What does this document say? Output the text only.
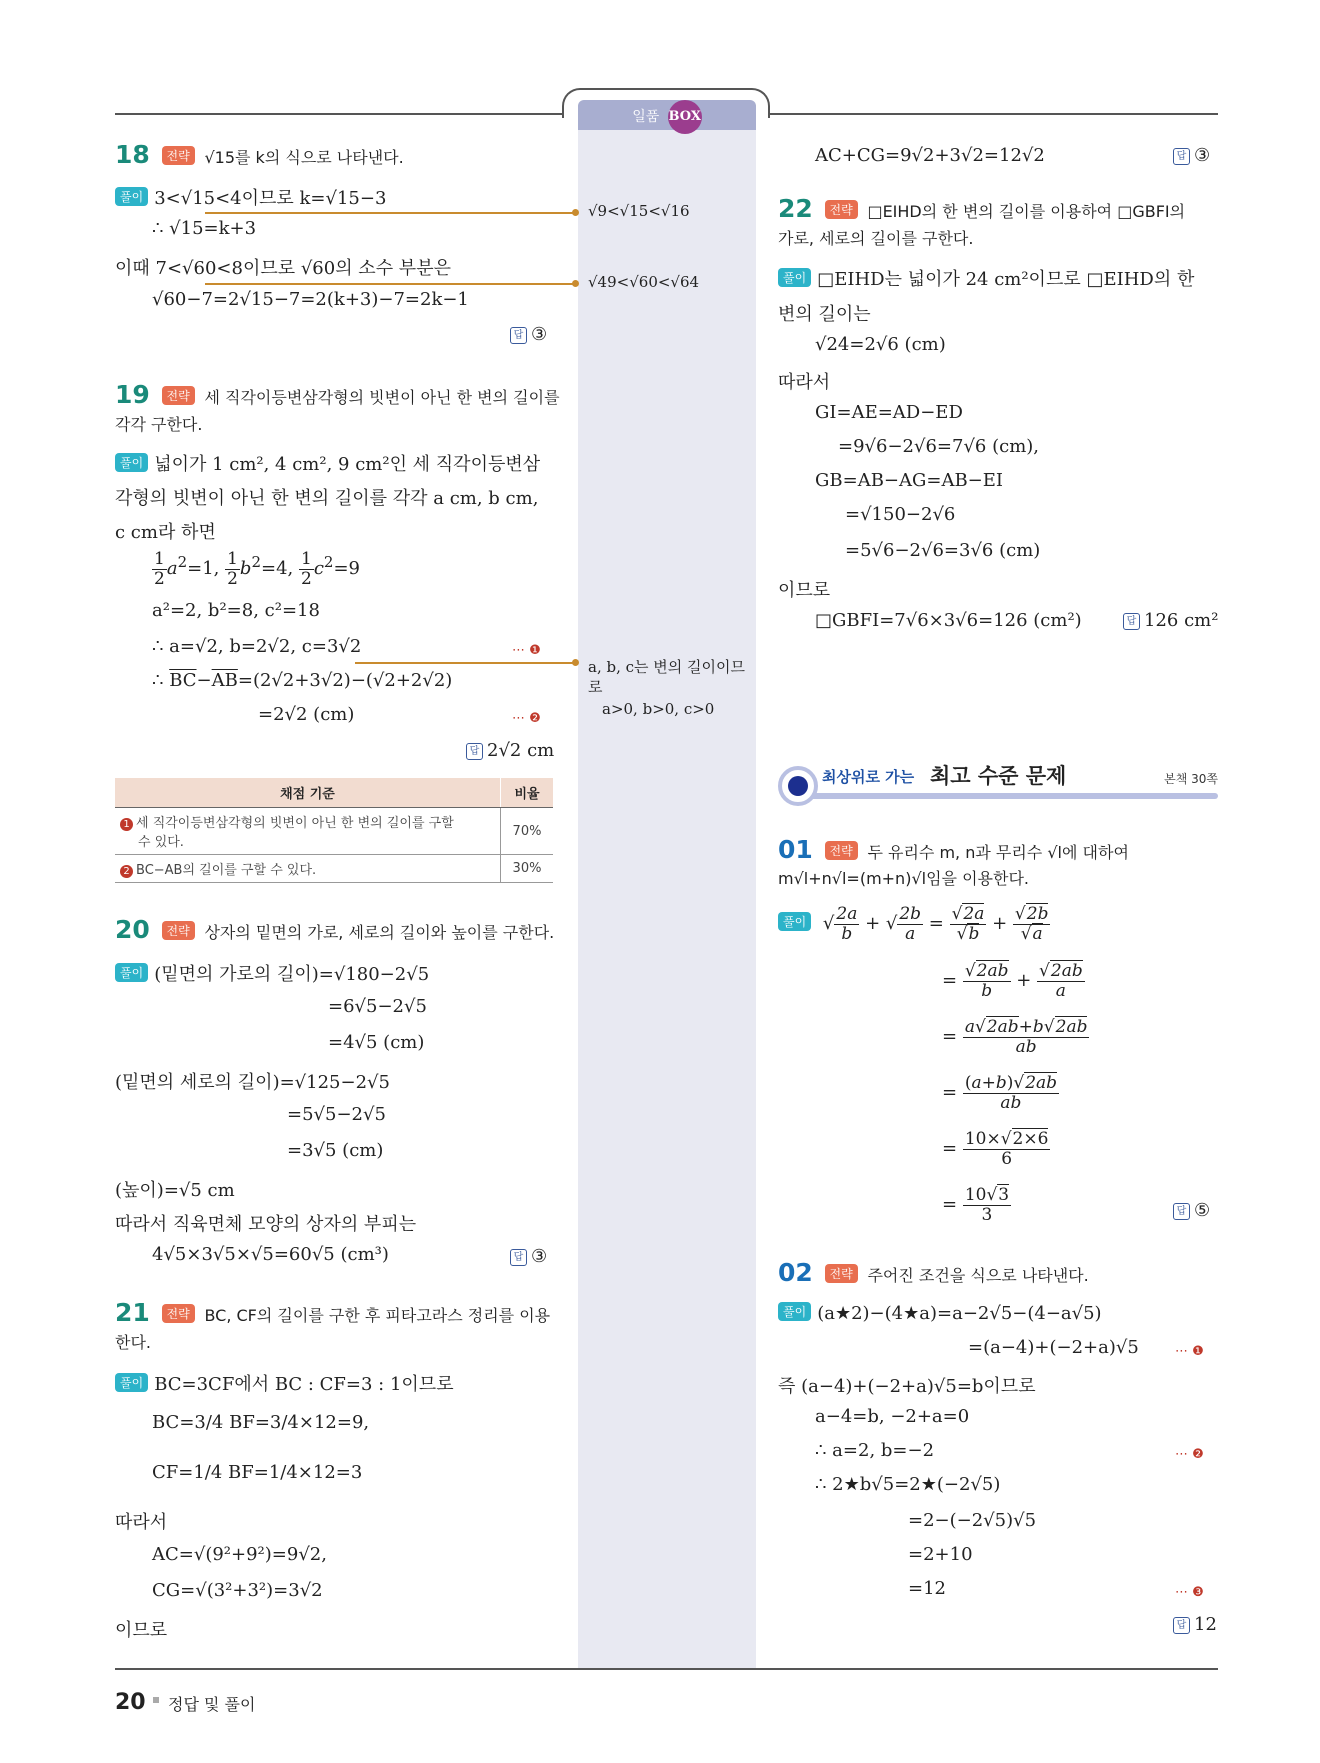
일품 BOX
18 전략 √15를 k의 식으로 나타낸다.
풀이 3<√15<4이므로 k=√15−3
∴ √15=k+3
이때 7<√60<8이므로 √60의 소수 부분은
√60−7=2√15−7=2(k+3)−7=2k−1
답 ③
√9<√15<√16
√49<√60<√64
19 전략 세 직각이등변삼각형의 빗변이 아닌 한 변의 길이를
각각 구한다.
풀이 넓이가 1 cm², 4 cm², 9 cm²인 세 직각이등변삼
각형의 빗변이 아닌 한 변의 길이를 각각 a cm, b cm,
c cm라 하면
$\frac{1}{2} a^2=1$, $\frac{1}{2} b^2=4$, $\frac{1}{2} c^2=9$
a²=2, b²=8, c²=18
∴ a=√2, b=2√2, c=3√2	⋯ ❶
∴ $\overline{BC}-\overline{AB}=(2√2+3√2)-(√2+2√2)$
=2√2 (cm)	⋯ ❷
답 2√2 cm
a, b, c는 변의 길이이므
로
a>0, b>0, c>0
채점 기준	비율
1 세 직각이등변삼각형의 빗변이 아닌 한 변의 길이를 구할
수 있다.	70%
2 BC−AB의 길이를 구할 수 있다.	30%
20 전략 상자의 밑면의 가로, 세로의 길이와 높이를 구한다.
풀이 (밑면의 가로의 길이)=√180−2√5
=6√5−2√5
=4√5 (cm)
(밑면의 세로의 길이)=√125−2√5
=5√5−2√5
=3√5 (cm)
(높이)=√5 cm
따라서 직육면체 모양의 상자의 부피는
4√5×3√5×√5=60√5 (cm³)	답 ③
21 전략 BC, CF의 길이를 구한 후 피타고라스 정리를 이용
한다.
풀이 BC=3CF에서 BC : CF=3 : 1이므로
BC=3/4 BF=3/4×12=9,
CF=1/4 BF=1/4×12=3
따라서
AC=√(9²+9²)=9√2,
CG=√(3²+3²)=3√2
이므로
AC+CG=9√2+3√2=12√2	답 ③
22 전략 □EIHD의 한 변의 길이를 이용하여 □GBFI의
가로, 세로의 길이를 구한다.
풀이 □EIHD는 넓이가 24 cm²이므로 □EIHD의 한
변의 길이는
√24=2√6 (cm)
따라서
GI=AE=AD−ED
=9√6−2√6=7√6 (cm),
GB=AB−AG=AB−EI
=√150−2√6
=5√6−2√6=3√6 (cm)
이므로
□GBFI=7√6×3√6=126 (cm²)	답 126 cm²
최상위로 가는 최고 수준 문제	본책 30쪽
01 전략 두 유리수 m, n과 무리수 √l에 대하여
m√l+n√l=(m+n)√l임을 이용한다.
풀이 √ $\frac{2a}{b}$ + √ $\frac{2b}{a} = \frac{√2a}{√b} + \frac{√2b}{√a}$
= $\frac{√2ab}{b} + \frac{√2ab}{a}$
= $\frac{a√2ab+b√2ab}{ab}$
= $\frac{(a+b)√2ab}{ab}$
= $\frac{10\times√2\times 6}{6}$
= $\frac{10√3}{3}$	답 ⑤
02 전략 주어진 조건을 식으로 나타낸다.
풀이 (a★2)−(4★a)=a−2√5−(4−a√5)
=(a−4)+(−2+a)√5	⋯ ❶
즉 (a−4)+(−2+a)√5=b이므로
a−4=b, −2+a=0
∴ a=2, b=−2	⋯ ❷
∴ 2★b√5=2★(−2√5)
=2−(−2√5)√5
=2+10
=12	⋯ ❸
답 12
20 정답 및 풀이
